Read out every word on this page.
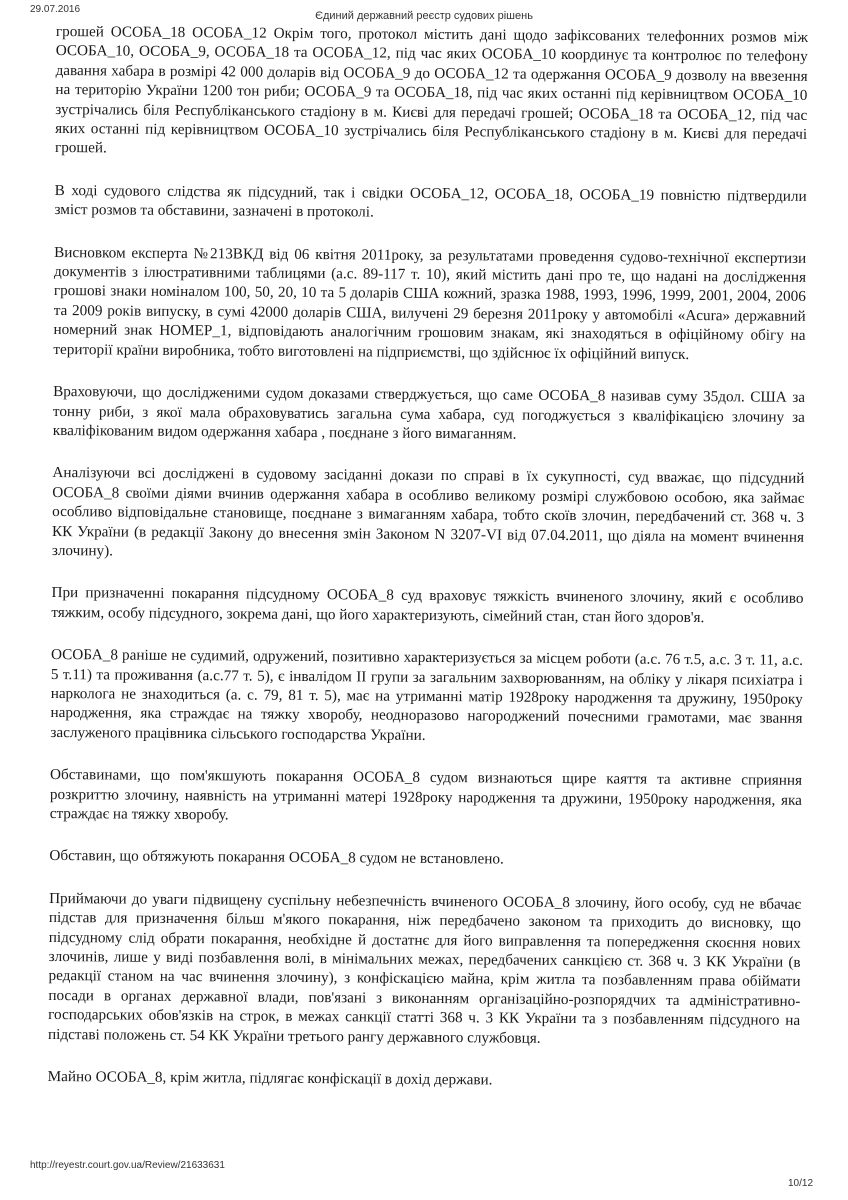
29.07.2016
Єдиний державний реєстр судових рішень

грошей ОСОБА_18 ОСОБА_12 Окрім того, протокол містить дані щодо зафіксованих телефонних розмов між ОСОБА_10, ОСОБА_9, ОСОБА_18 та ОСОБА_12, під час яких ОСОБА_10 координує та контролює по телефону давання хабара в розмірі 42 000 доларів від ОСОБА_9 до ОСОБА_12 та одержання ОСОБА_9 дозволу на ввезення на територію України 1200 тон риби; ОСОБА_9 та ОСОБА_18, під час яких останні під керівництвом ОСОБА_10 зустрічались біля Республіканського стадіону в м. Києві для передачі грошей; ОСОБА_18 та ОСОБА_12, під час яких останні під керівництвом ОСОБА_10 зустрічались біля Республіканського стадіону в м. Києві для передачі грошей.

В ході судового слідства як підсудний, так і свідки ОСОБА_12, ОСОБА_18, ОСОБА_19 повністю підтвердили зміст розмов та обставини, зазначені в протоколі.

Висновком експерта №213ВКД від 06 квітня 2011року, за результатами проведення судово-технічної експертизи документів з ілюстративними таблицями (а.с. 89-117 т. 10), який містить дані про те, що надані на дослідження грошові знаки номіналом 100, 50, 20, 10 та 5 доларів США кожний, зразка 1988, 1993, 1996, 1999, 2001, 2004, 2006 та 2009 років випуску, в сумі 42000 доларів США, вилучені 29 березня 2011року у автомобілі «Acura» державний номерний знак НОМЕР_1, відповідають аналогічним грошовим знакам, які знаходяться в офіційному обігу на території країни виробника, тобто виготовлені на підприємстві, що здійснює їх офіційний випуск.

Враховуючи, що дослідженими судом доказами стверджується, що саме ОСОБА_8 називав суму 35дол. США за тонну риби, з якої мала обраховуватись загальна сума хабара, суд погоджується з кваліфікацією злочину за кваліфікованим видом одержання хабара , поєднане з його вимаганням.

Аналізуючи всі досліджені в судовому засіданні докази по справі в їх сукупності, суд вважає, що підсудний ОСОБА_8 своїми діями вчинив одержання хабара в особливо великому розмірі службовою особою, яка займає особливо відповідальне становище, поєднане з вимаганням хабара, тобто скоїв злочин, передбачений ст. 368 ч. 3 КК України (в редакції Закону до внесення змін Законом N 3207-VI від 07.04.2011, що діяла на момент вчинення злочину).

При призначенні покарання підсудному ОСОБА_8 суд враховує тяжкість вчиненого злочину, який є особливо тяжким, особу підсудного, зокрема дані, що його характеризують, сімейний стан, стан його здоров'я.

ОСОБА_8 раніше не судимий, одружений, позитивно характеризується за місцем роботи (а.с. 76 т.5, а.с. 3 т. 11, а.с. 5 т.11) та проживання (а.с.77 т. 5), є інвалідом II групи за загальним захворюванням, на обліку у лікаря психіатра і нарколога не знаходиться (а. с. 79, 81 т. 5), має на утриманні матір 1928року народження та дружину, 1950року народження, яка страждає на тяжку хворобу, неодноразово нагороджений почесними грамотами, має звання заслуженого працівника сільського господарства України.

Обставинами, що пом'якшують покарання ОСОБА_8 судом визнаються щире каяття та активне сприяння розкриттю злочину, наявність на утриманні матері 1928року народження та дружини, 1950року народження, яка страждає на тяжку хворобу.

Обставин, що обтяжують покарання ОСОБА_8 судом не встановлено.

Приймаючи до уваги підвищену суспільну небезпечність вчиненого ОСОБА_8 злочину, його особу, суд не вбачає підстав для призначення більш м'якого покарання, ніж передбачено законом та приходить до висновку, що підсудному слід обрати покарання, необхідне й достатнє для його виправлення та попередження скоєння нових злочинів, лише у виді позбавлення волі, в мінімальних межах, передбачених санкцією ст. 368 ч. 3 КК України (в редакції станом на час вчинення злочину), з конфіскацією майна, крім житла та позбавленням права обіймати посади в органах державної влади, пов'язані з виконанням організаційно-розпорядчих та адміністративно-господарських обов'язків на строк, в межах санкції статті 368 ч. 3 КК України та з позбавленням підсудного на підставі положень ст. 54 КК України третього рангу державного службовця.

Майно ОСОБА_8, крім житла, підлягає конфіскації в дохід держави.

http://reyestr.court.gov.ua/Review/21633631
10/12
